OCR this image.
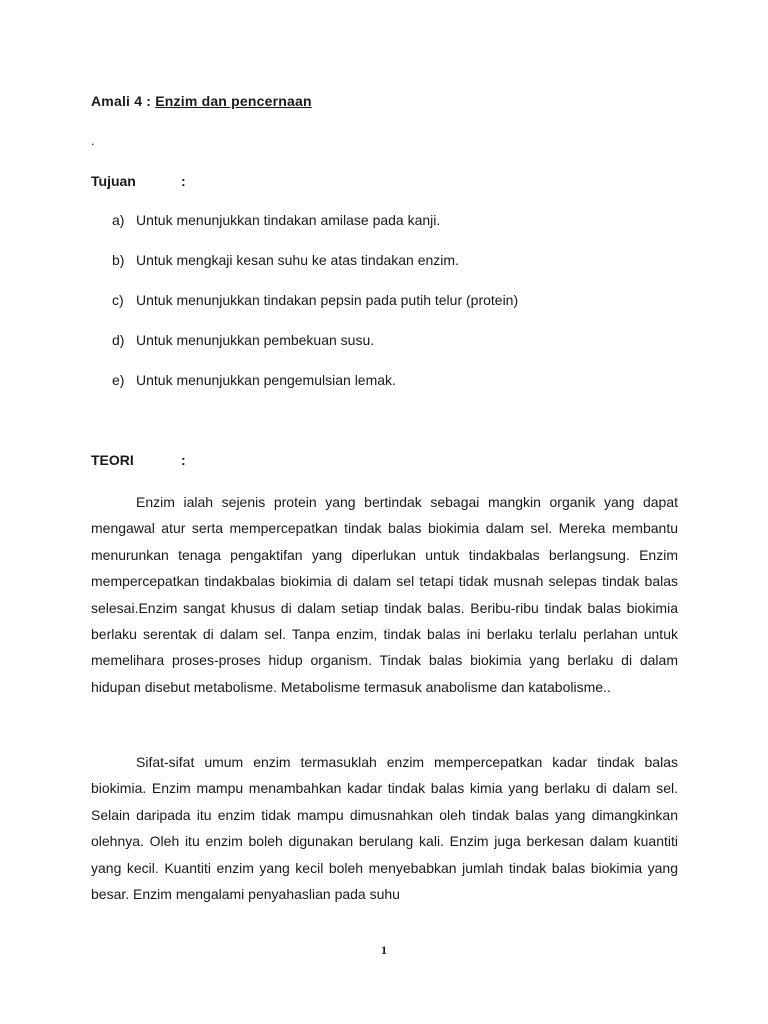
Amali 4 : Enzim dan pencernaan
.
Tujuan	:
a) Untuk menunjukkan tindakan amilase pada kanji.
b) Untuk mengkaji kesan suhu ke atas tindakan enzim.
c) Untuk menunjukkan tindakan pepsin pada putih telur (protein)
d) Untuk menunjukkan pembekuan susu.
e) Untuk menunjukkan pengemulsian lemak.
TEORI	:

Enzim ialah sejenis protein yang bertindak sebagai mangkin organik yang dapat mengawal atur serta mempercepatkan tindak balas biokimia dalam sel. Mereka membantu menurunkan tenaga pengaktifan yang diperlukan untuk tindakbalas berlangsung. Enzim mempercepatkan tindakbalas biokimia di dalam sel tetapi tidak musnah selepas tindak balas selesai.Enzim sangat khusus di dalam setiap tindak balas. Beribu-ribu tindak balas biokimia berlaku serentak di dalam sel. Tanpa enzim, tindak balas ini berlaku terlalu perlahan untuk memelihara proses-proses hidup organism. Tindak balas biokimia yang berlaku di dalam hidupan disebut metabolisme. Metabolisme termasuk anabolisme dan katabolisme..

Sifat-sifat umum enzim termasuklah enzim mempercepatkan kadar tindak balas biokimia. Enzim mampu menambahkan kadar tindak balas kimia yang berlaku di dalam sel. Selain daripada itu enzim tidak mampu dimusnahkan oleh tindak balas yang dimangkinkan olehnya. Oleh itu enzim boleh digunakan berulang kali. Enzim juga berkesan dalam kuantiti yang kecil. Kuantiti enzim yang kecil boleh menyebabkan jumlah tindak balas biokimia yang besar. Enzim mengalami penyahaslian pada suhu

1
